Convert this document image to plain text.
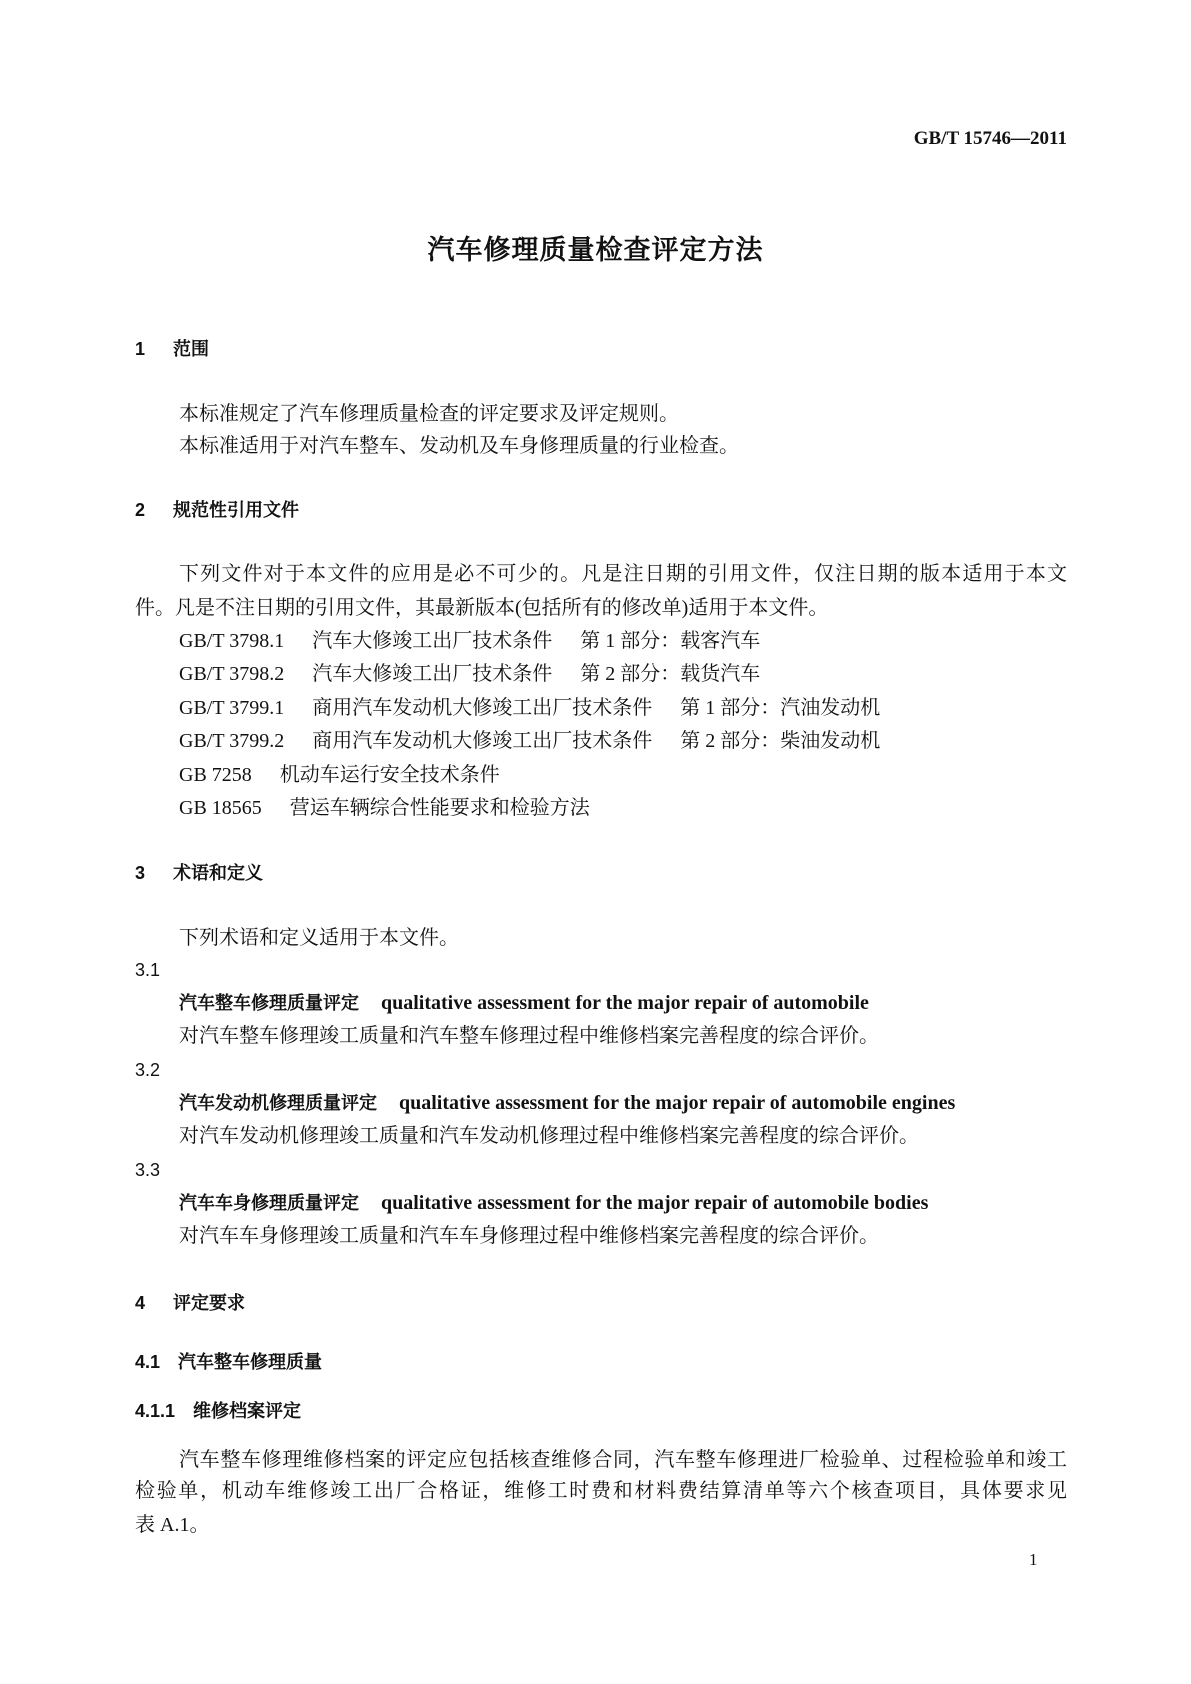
GB/T 15746—2011
汽车修理质量检查评定方法
1 范围
本标准规定了汽车修理质量检查的评定要求及评定规则。
本标准适用于对汽车整车、发动机及车身修理质量的行业检查。
2 规范性引用文件
下列文件对于本文件的应用是必不可少的。凡是注日期的引用文件，仅注日期的版本适用于本文
件。凡是不注日期的引用文件，其最新版本(包括所有的修改单)适用于本文件。
GB/T 3798.1 汽车大修竣工出厂技术条件 第 1 部分：载客汽车
GB/T 3798.2 汽车大修竣工出厂技术条件 第 2 部分：载货汽车
GB/T 3799.1 商用汽车发动机大修竣工出厂技术条件 第 1 部分：汽油发动机
GB/T 3799.2 商用汽车发动机大修竣工出厂技术条件 第 2 部分：柴油发动机
GB 7258 机动车运行安全技术条件
GB 18565 营运车辆综合性能要求和检验方法
3 术语和定义
下列术语和定义适用于本文件。
3.1
汽车整车修理质量评定 qualitative assessment for the major repair of automobile
对汽车整车修理竣工质量和汽车整车修理过程中维修档案完善程度的综合评价。
3.2
汽车发动机修理质量评定 qualitative assessment for the major repair of automobile engines
对汽车发动机修理竣工质量和汽车发动机修理过程中维修档案完善程度的综合评价。
3.3
汽车车身修理质量评定 qualitative assessment for the major repair of automobile bodies
对汽车车身修理竣工质量和汽车车身修理过程中维修档案完善程度的综合评价。
4 评定要求
4.1 汽车整车修理质量
4.1.1 维修档案评定
汽车整车修理维修档案的评定应包括核查维修合同，汽车整车修理进厂检验单、过程检验单和竣工
检验单，机动车维修竣工出厂合格证，维修工时费和材料费结算清单等六个核查项目，具体要求见
表 A.1。
1
